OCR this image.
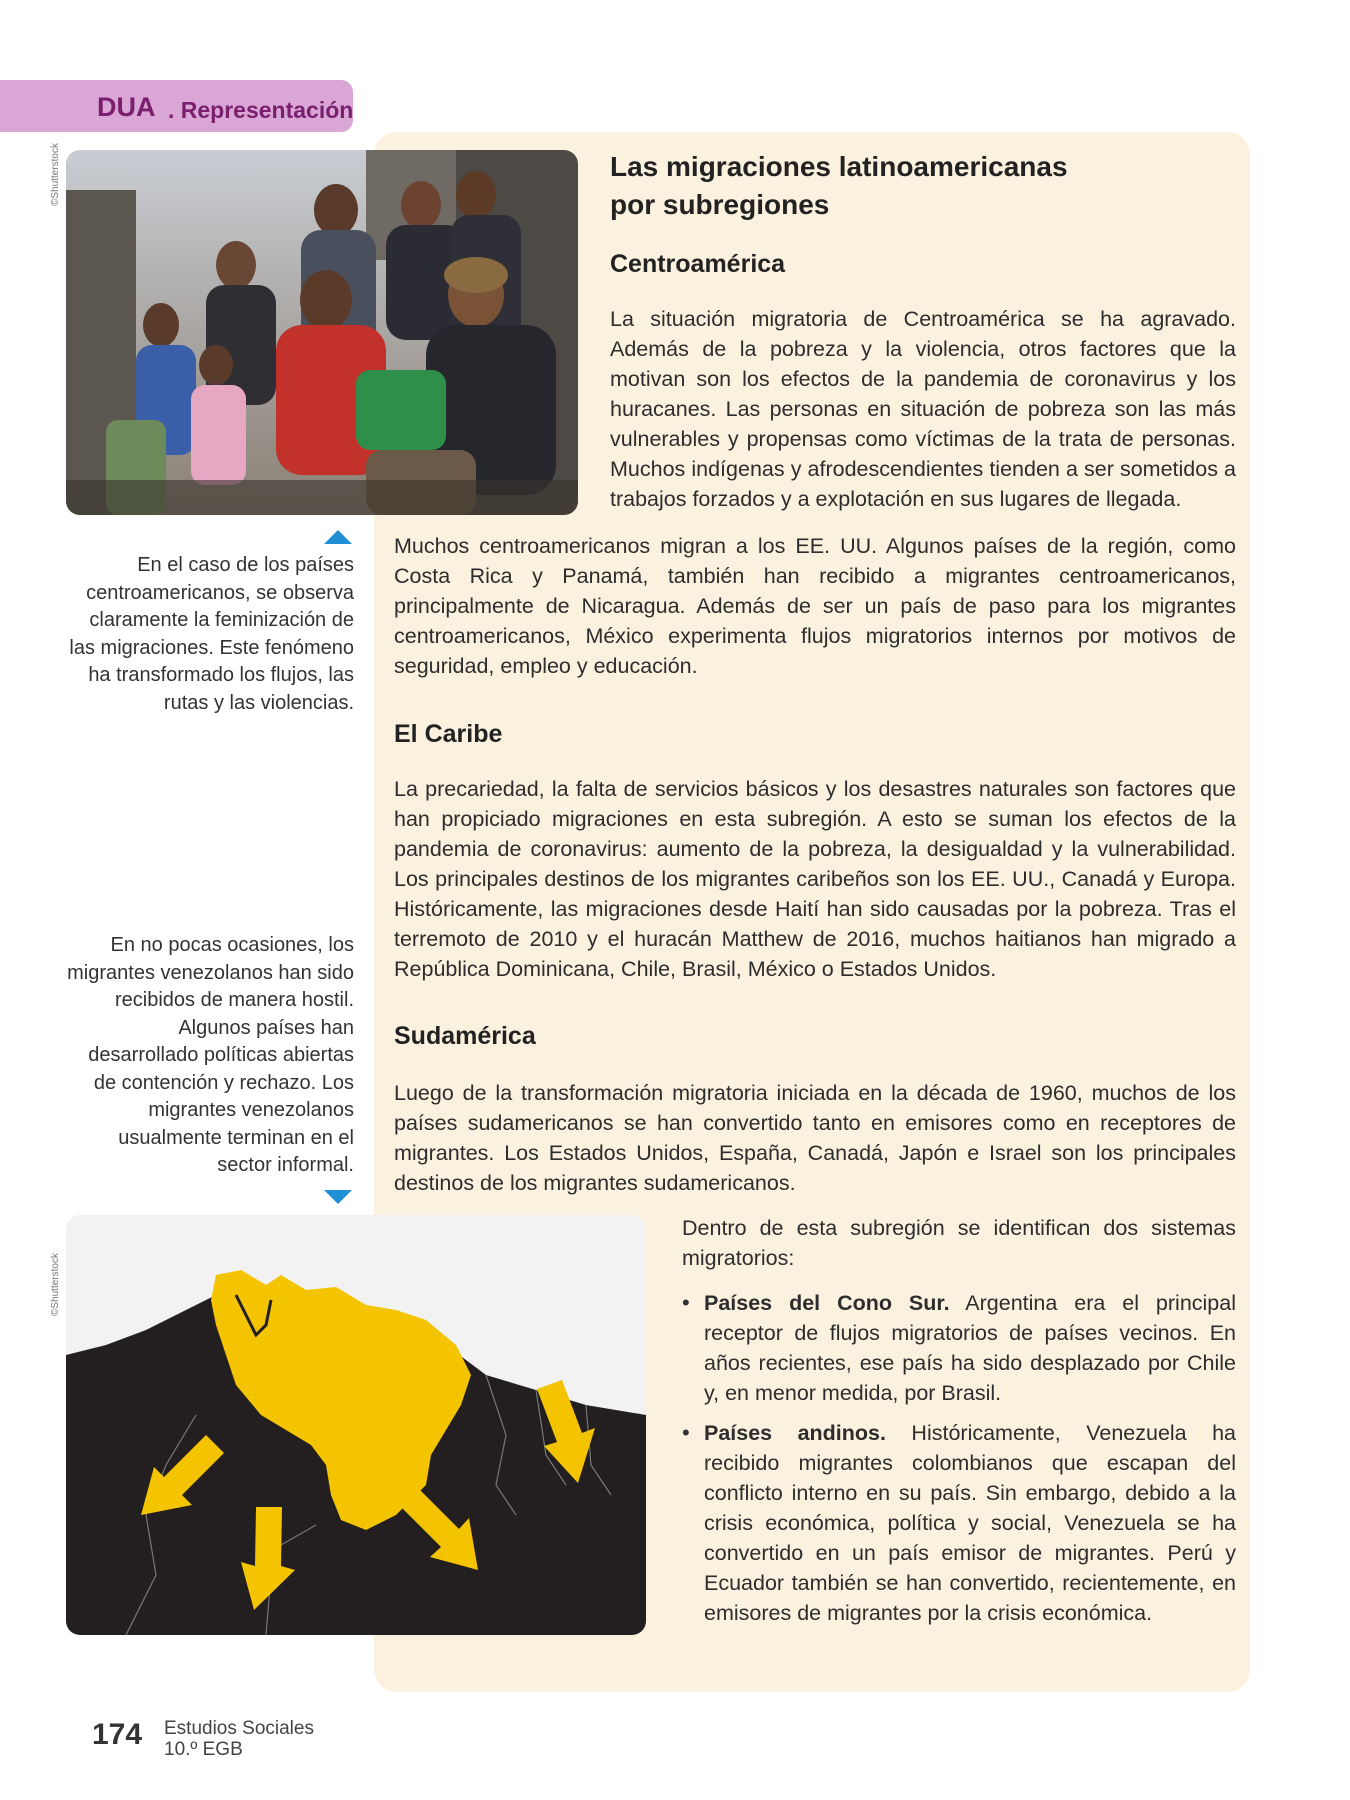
DUA . Representación
©Shutterstock	Las migraciones latinoamericanas
por subregiones
Centroamérica
La situación migratoria de Centroamérica se ha agravado. Además de la pobreza y la violencia, otros factores que la motivan son los efectos de la pandemia de coronavirus y los huracanes. Las personas en situación de pobreza son las más vulnerables y propensas como víctimas de la trata de personas. Muchos indígenas y afrodescendientes tienden a ser sometidos a trabajos forzados y a explotación en sus lugares de llegada.
Muchos centroamericanos migran a los EE. UU. Algunos países de la región, como Costa Rica y Panamá, también han recibido a migrantes centroamericanos, principalmente de Nicaragua. Además de ser un país de paso para los migrantes centroamericanos, México experimenta flujos migratorios internos por motivos de seguridad, empleo y educación.
El Caribe
La precariedad, la falta de servicios básicos y los desastres naturales son factores que han propiciado migraciones en esta subregión. A esto se suman los efectos de la pandemia de coronavirus: aumento de la pobreza, la desigualdad y la vulnerabilidad. Los principales destinos de los migrantes caribeños son los EE. UU., Canadá y Europa. Históricamente, las migraciones desde Haití han sido causadas por la pobreza. Tras el terremoto de 2010 y el huracán Matthew de 2016, muchos haitianos han migrado a República Dominicana, Chile, Brasil, México o Estados Unidos.
Sudamérica
Luego de la transformación migratoria iniciada en la década de 1960, muchos de los países sudamericanos se han convertido tanto en emisores como en receptores de migrantes. Los Estados Unidos, España, Canadá, Japón e Israel son los principales destinos de los migrantes sudamericanos.
Dentro de esta subregión se identifican dos sistemas migratorios:
• Países del Cono Sur. Argentina era el principal receptor de flujos migratorios de países vecinos. En años recientes, ese país ha sido desplazado por Chile y, en menor medida, por Brasil.
• Países andinos. Históricamente, Venezuela ha recibido migrantes colombianos que escapan del conflicto interno en su país. Sin embargo, debido a la crisis económica, política y social, Venezuela se ha convertido en un país emisor de migrantes. Perú y Ecuador también se han convertido, recientemente, en emisores de migrantes por la crisis económica.
En el caso de los países centroamericanos, se observa claramente la feminización de las migraciones. Este fenómeno ha transformado los flujos, las rutas y las violencias.
En no pocas ocasiones, los migrantes venezolanos han sido recibidos de manera hostil. Algunos países han desarrollado políticas abiertas de contención y rechazo. Los migrantes venezolanos usualmente terminan en el sector informal.
©Shutterstock
174 Estudios Sociales
10.º EGB
